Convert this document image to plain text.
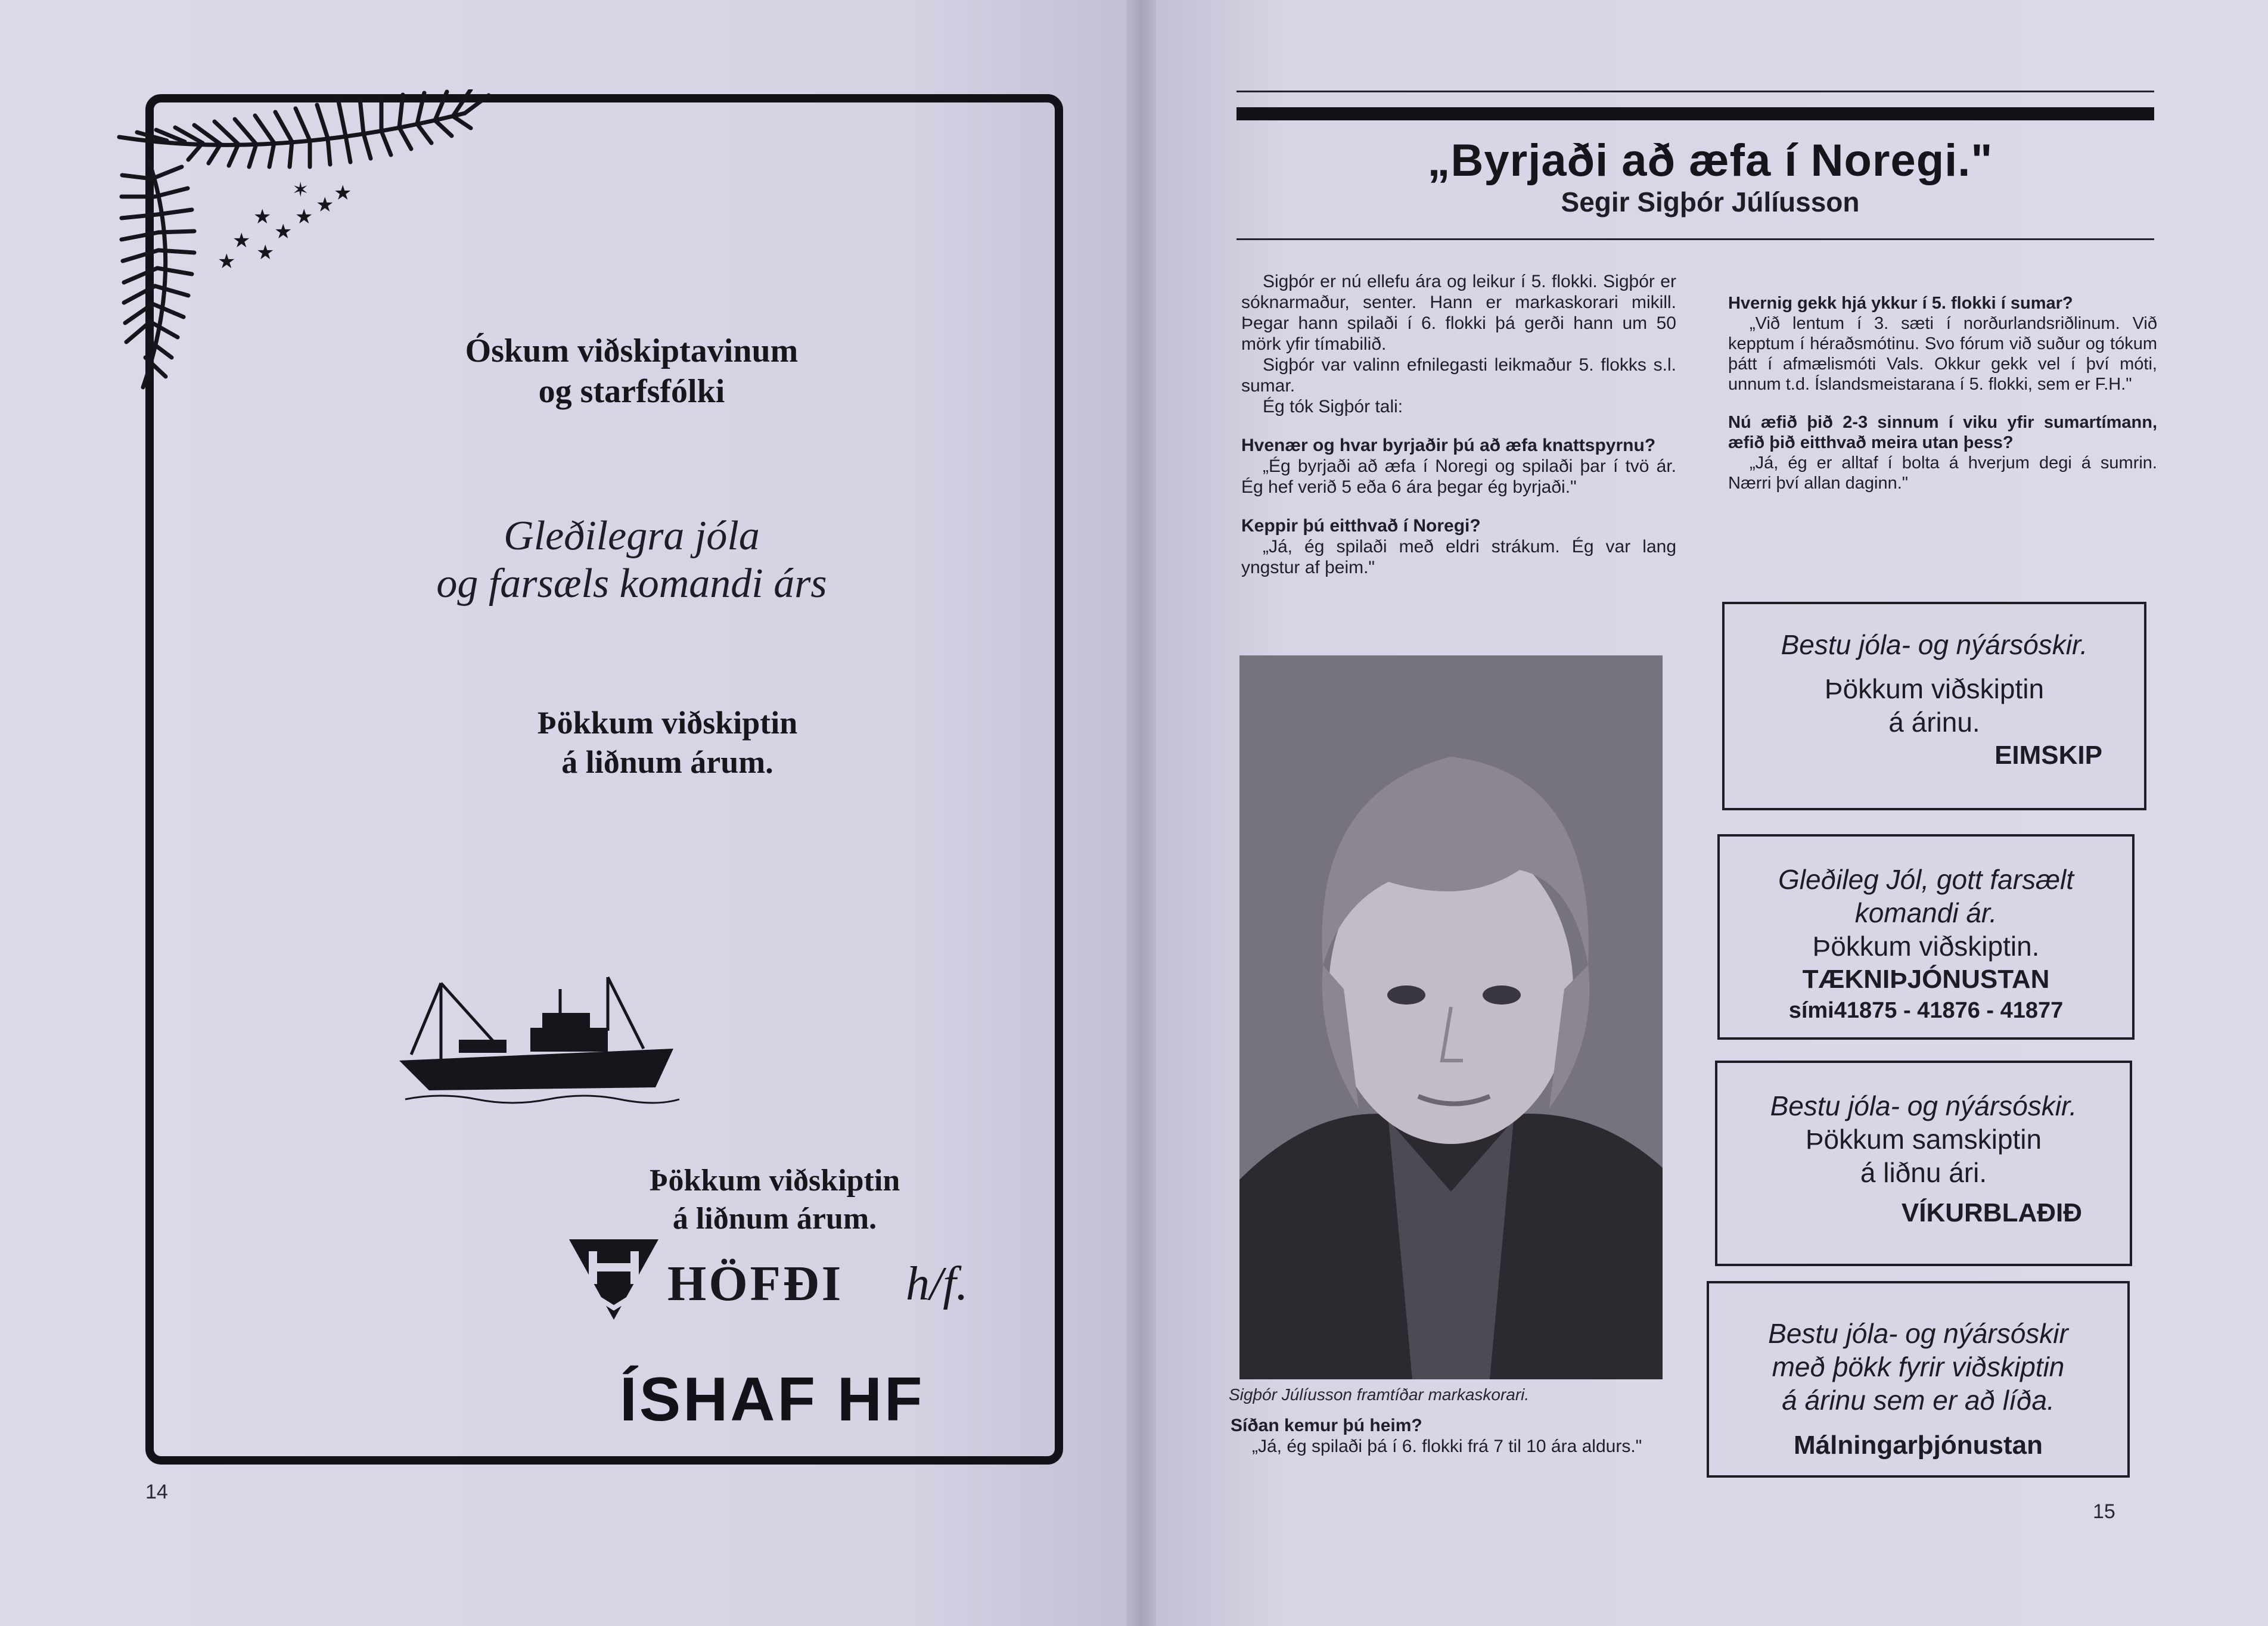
✶
★
★
★ ★ ★
★ ★
★
Óskum viðskiptavinum
og starfsfólki
Gleðilegra jóla
og farsæls komandi árs
Þökkum viðskiptin
á liðnum árum.
Þökkum viðskiptin
á liðnum árum.
HÖFÐI h/f.
ÍSHAF HF
14
„Byrjaði að æfa í Noregi."
Segir Sigþór Júlíusson

Sigþór er nú ellefu ára og leikur í 5. flokki. Sigþór er sóknarmaður, senter. Hann er markaskorari mikill. Þegar hann spilaði í 6. flokki þá gerði hann um 50 mörk yfir tímabilið.

Sigþór var valinn efnilegasti leikmaður 5. flokks s.l. sumar.

Ég tók Sigþór tali:

Hvenær og hvar byrjaðir þú að æfa knattspyrnu?

„Ég byrjaði að æfa í Noregi og spilaði þar í tvö ár. Ég hef verið 5 eða 6 ára þegar ég byrjaði."

Keppir þú eitthvað í Noregi?

„Já, ég spilaði með eldri strákum. Ég var lang yngstur af þeim."

Hvernig gekk hjá ykkur í 5. flokki í sumar?

„Við lentum í 3. sæti í norðurlandsriðlinum. Við kepptum í héraðsmótinu. Svo fórum við suður og tókum þátt í afmælismóti Vals. Okkur gekk vel í því móti, unnum t.d. Íslandsmeistarana í 5. flokki, sem er F.H."

Nú æfið þið 2-3 sinnum í viku yfir sumartímann, æfið þið eitthvað meira utan þess?

„Já, ég er alltaf í bolta á hverjum degi á sumrin. Nærri því allan daginn."

Sigþór Júlíusson framtíðar markaskorari.

Síðan kemur þú heim?

„Já, ég spilaði þá í 6. flokki frá 7 til 10 ára aldurs."

Bestu jóla- og nýársóskir.
Þökkum viðskiptin
á árinu.
EIMSKIP
Gleðileg Jól, gott farsælt
komandi ár.
Þökkum viðskiptin.
TÆKNIÞJÓNUSTAN
sími41875 - 41876 - 41877
Bestu jóla- og nýársóskir.
Þökkum samskiptin
á liðnu ári.
VÍKURBLAÐIÐ
Bestu jóla- og nýársóskir
með þökk fyrir viðskiptin
á árinu sem er að líða.
Málningarþjónustan
15
